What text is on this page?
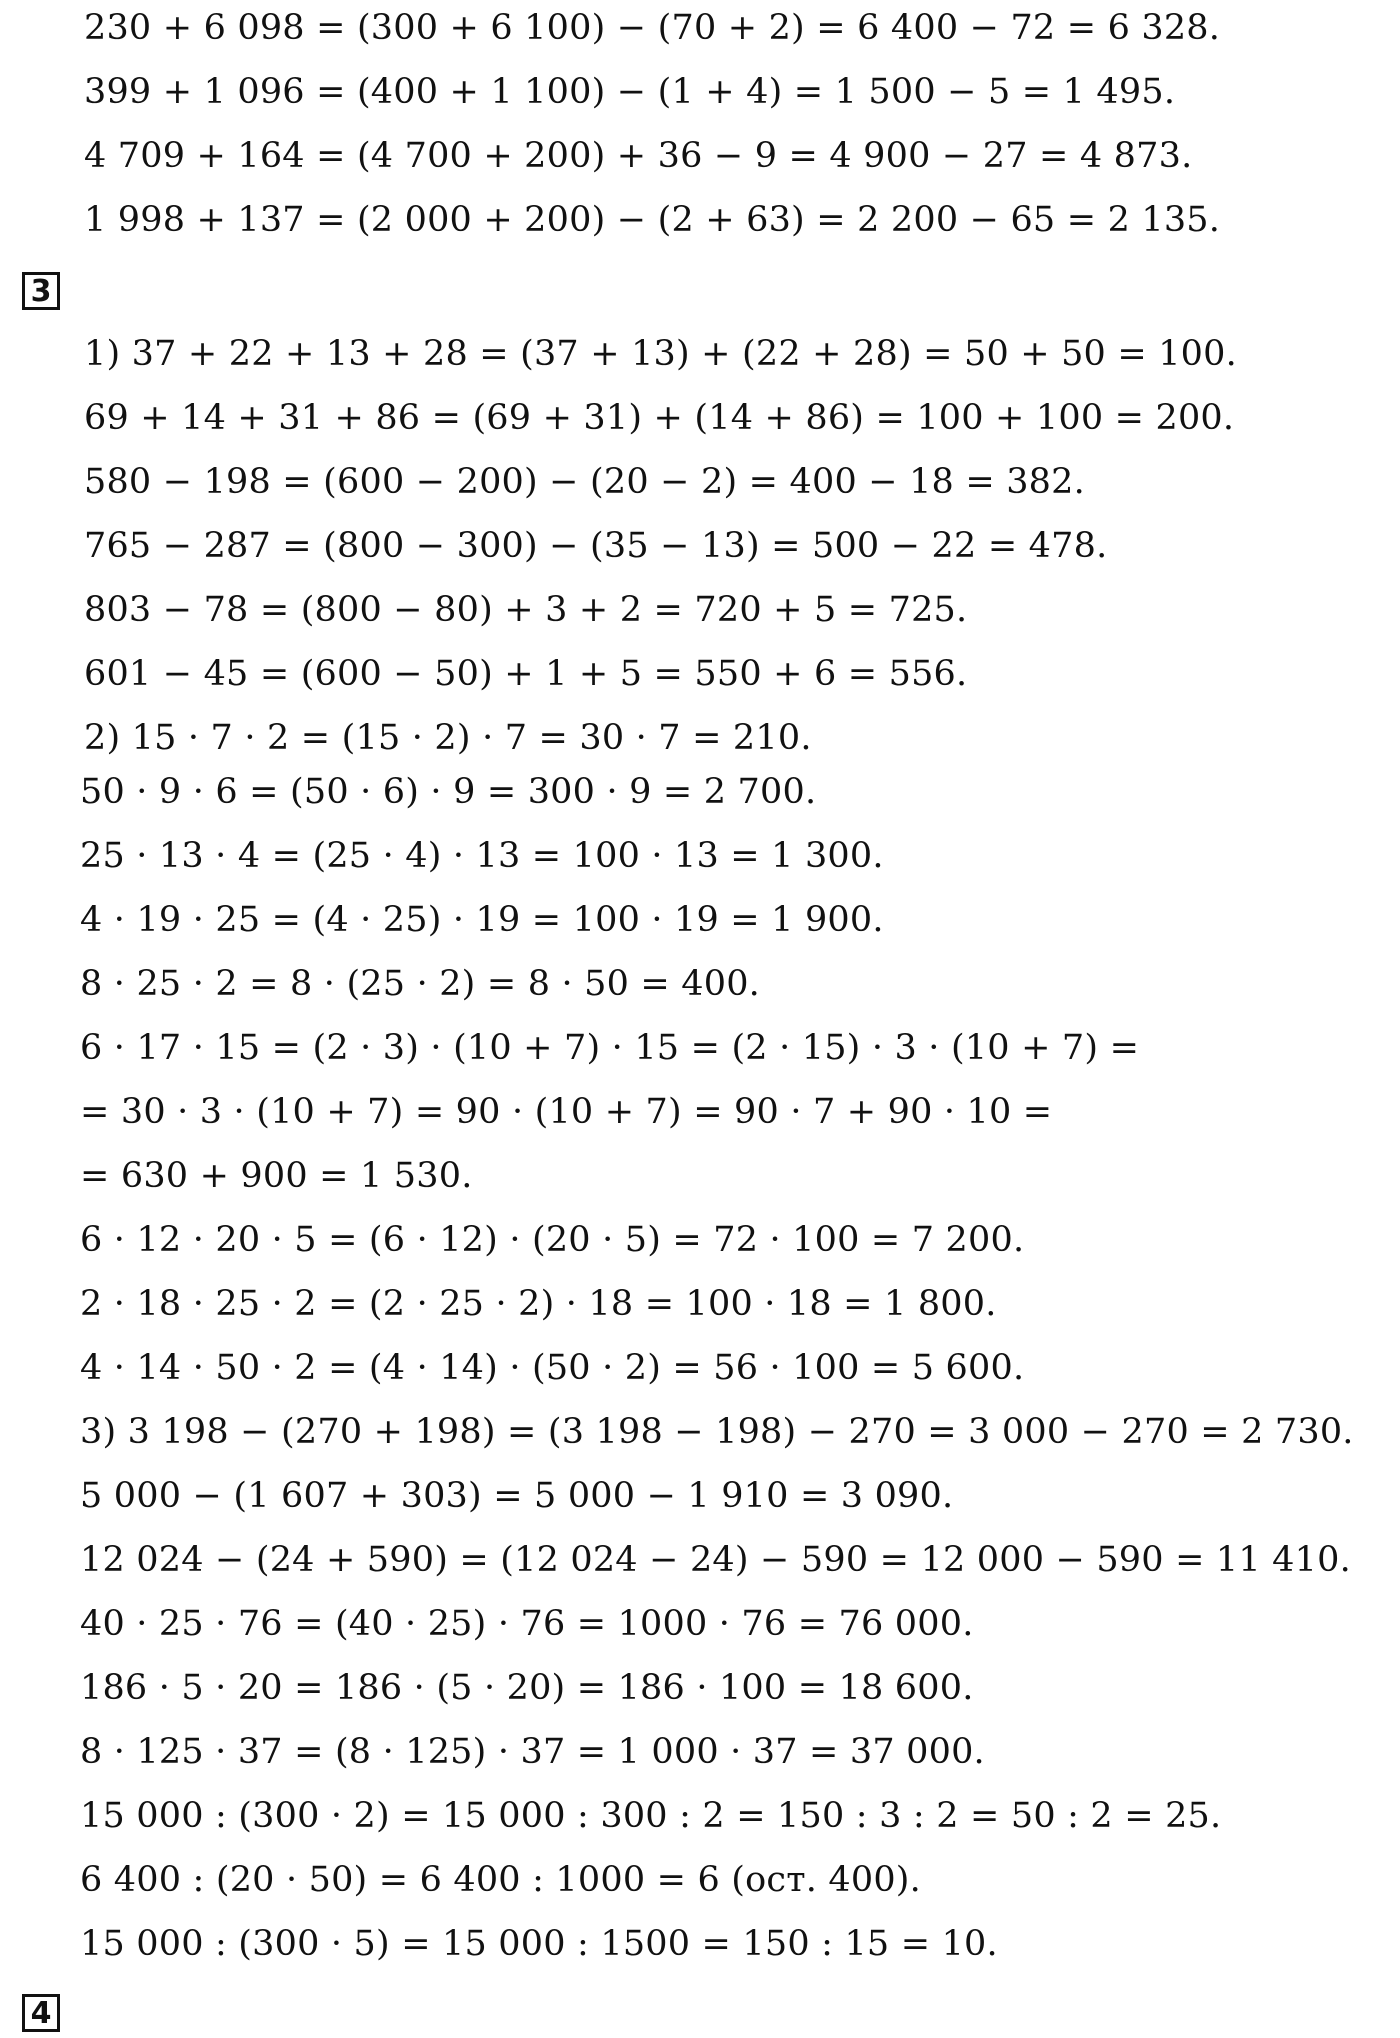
230 + 6 098 = (300 + 6 100) − (70 + 2) = 6 400 − 72 = 6 328.
399 + 1 096 = (400 + 1 100) − (1 + 4) = 1 500 − 5 = 1 495.
4 709 + 164 = (4 700 + 200) + 36 − 9 = 4 900 − 27 = 4 873.
1 998 + 137 = (2 000 + 200) − (2 + 63) = 2 200 − 65 = 2 135.
3
1) 37 + 22 + 13 + 28 = (37 + 13) + (22 + 28) = 50 + 50 = 100.
69 + 14 + 31 + 86 = (69 + 31) + (14 + 86) = 100 + 100 = 200.
580 − 198 = (600 − 200) − (20 − 2) = 400 − 18 = 382.
765 − 287 = (800 − 300) − (35 − 13) = 500 − 22 = 478.
803 − 78 = (800 − 80) + 3 + 2 = 720 + 5 = 725.
601 − 45 = (600 − 50) + 1 + 5 = 550 + 6 = 556.
2) 15 · 7 · 2 = (15 · 2) · 7 = 30 · 7 = 210.
50 · 9 · 6 = (50 · 6) · 9 = 300 · 9 = 2 700.
25 · 13 · 4 = (25 · 4) · 13 = 100 · 13 = 1 300.
4 · 19 · 25 = (4 · 25) · 19 = 100 · 19 = 1 900.
8 · 25 · 2 = 8 · (25 · 2) = 8 · 50 = 400.
6 · 17 · 15 = (2 · 3) · (10 + 7) · 15 = (2 · 15) · 3 · (10 + 7) =
= 30 · 3 · (10 + 7) = 90 · (10 + 7) = 90 · 7 + 90 · 10 =
= 630 + 900 = 1 530.
6 · 12 · 20 · 5 = (6 · 12) · (20 · 5) = 72 · 100 = 7 200.
2 · 18 · 25 · 2 = (2 · 25 · 2) · 18 = 100 · 18 = 1 800.
4 · 14 · 50 · 2 = (4 · 14) · (50 · 2) = 56 · 100 = 5 600.
3) 3 198 − (270 + 198) = (3 198 − 198) − 270 = 3 000 − 270 = 2 730.
5 000 − (1 607 + 303) = 5 000 − 1 910 = 3 090.
12 024 − (24 + 590) = (12 024 − 24) − 590 = 12 000 − 590 = 11 410.
40 · 25 · 76 = (40 · 25) · 76 = 1000 · 76 = 76 000.
186 · 5 · 20 = 186 · (5 · 20) = 186 · 100 = 18 600.
8 · 125 · 37 = (8 · 125) · 37 = 1 000 · 37 = 37 000.
15 000 : (300 · 2) = 15 000 : 300 : 2 = 150 : 3 : 2 = 50 : 2 = 25.
6 400 : (20 · 50) = 6 400 : 1000 = 6 (ост. 400).
15 000 : (300 · 5) = 15 000 : 1500 = 150 : 15 = 10.
4
